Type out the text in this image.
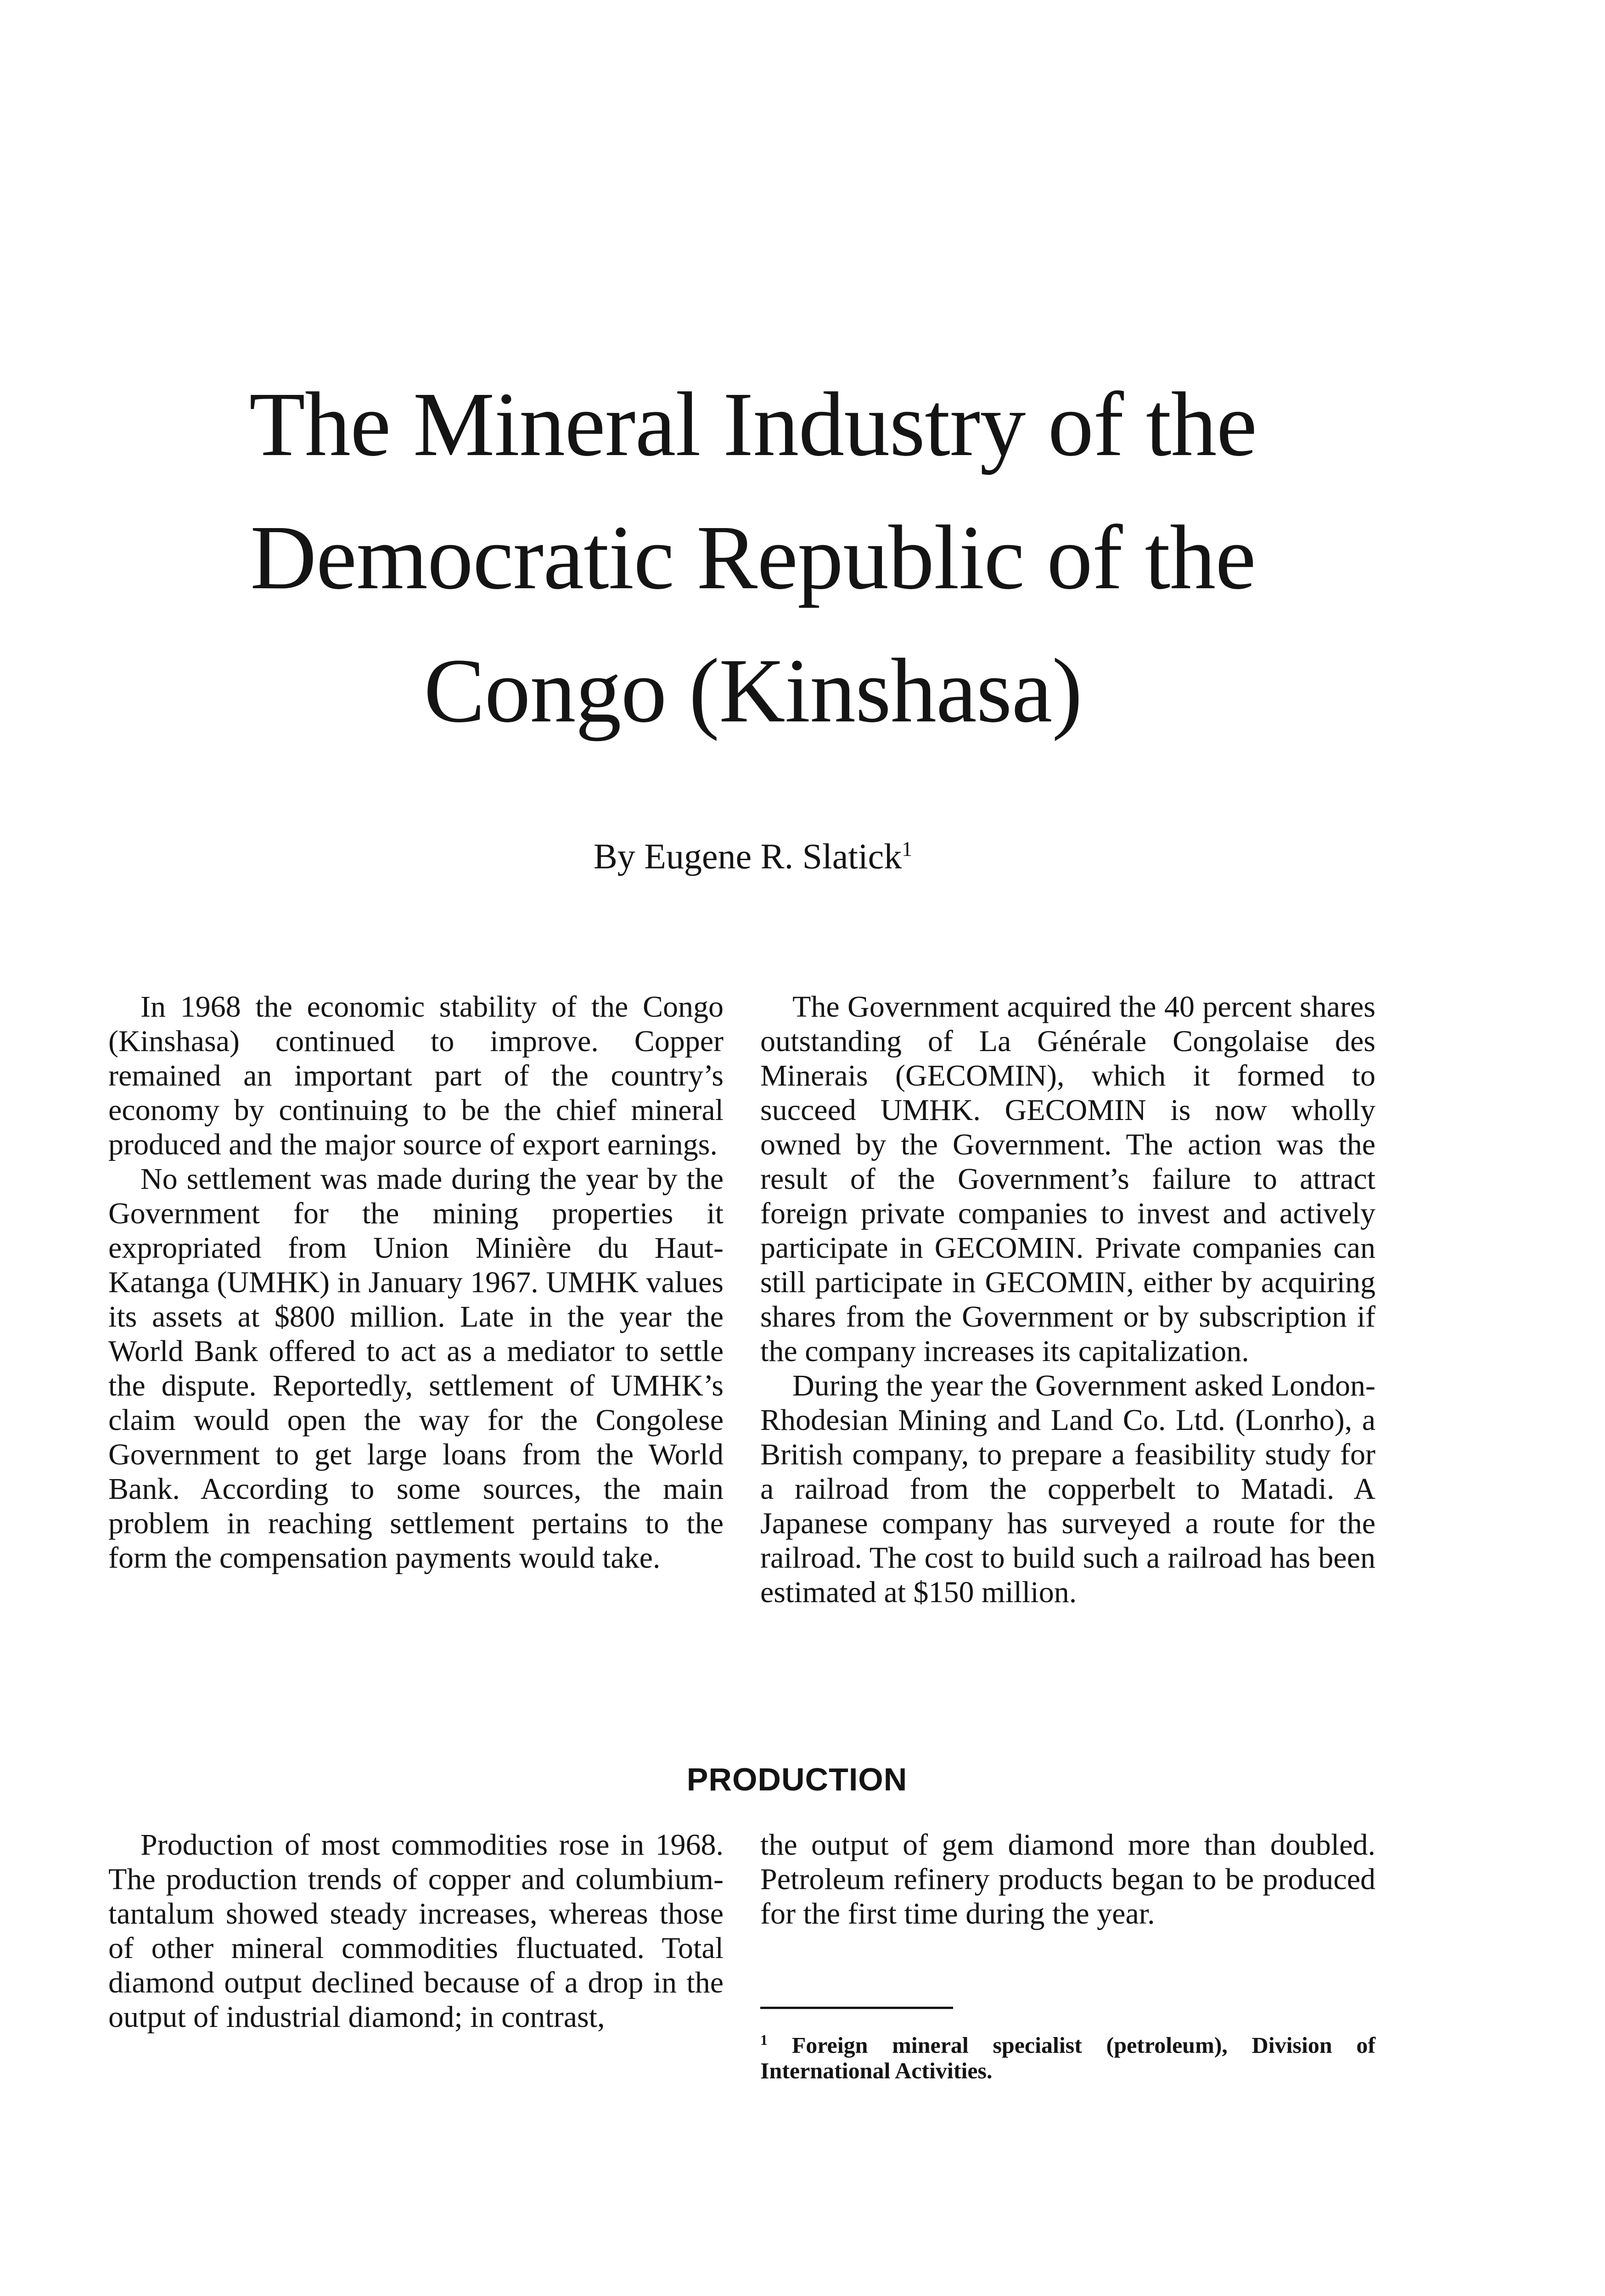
The Mineral Industry of the
Democratic Republic of the
Congo (Kinshasa)

By Eugene R. Slatick$^1$

In 1968 the economic stability of the Congo (Kinshasa) continued to improve. Copper remained an important part of the country’s economy by continuing to be the chief mineral produced and the major source of export earnings.

No settlement was made during the year by the Government for the mining properties it expropriated from Union Minière du Haut-Katanga (UMHK) in January 1967. UMHK values its assets at $800 million. Late in the year the World Bank offered to act as a mediator to settle the dispute. Reportedly, settlement of UMHK’s claim would open the way for the Congolese Government to get large loans from the World Bank. According to some sources, the main problem in reaching settlement pertains to the form the compensation payments would take.

The Government acquired the 40 percent shares outstanding of La Générale Congolaise des Minerais (GECOMIN), which it formed to succeed UMHK. GECOMIN is now wholly owned by the Government. The action was the result of the Government’s failure to attract foreign private companies to invest and actively participate in GECOMIN. Private companies can still participate in GECOMIN, either by acquiring shares from the Government or by subscription if the company increases its capitalization.

During the year the Government asked London-Rhodesian Mining and Land Co. Ltd. (Lonrho), a British company, to prepare a feasibility study for a railroad from the copperbelt to Matadi. A Japanese company has surveyed a route for the railroad. The cost to build such a railroad has been estimated at $150 million.

PRODUCTION

Production of most commodities rose in 1968. The production trends of copper and columbium-tantalum showed steady increases, whereas those of other mineral commodities fluctuated. Total diamond output declined because of a drop in the output of industrial diamond; in contrast,

the output of gem diamond more than doubled. Petroleum refinery products began to be produced for the first time during the year.

$^1$ Foreign mineral specialist (petroleum), Division of International Activities.
